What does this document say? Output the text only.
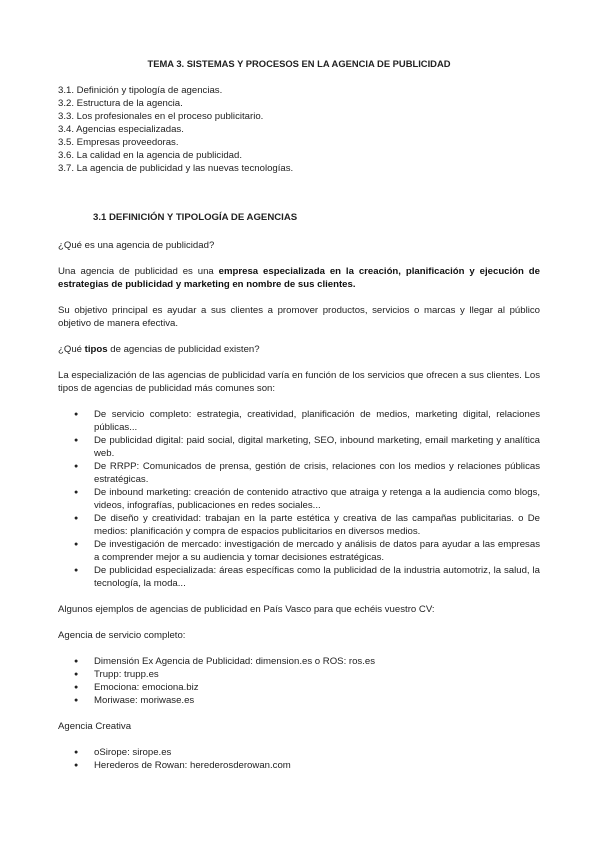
TEMA 3. SISTEMAS Y PROCESOS EN LA AGENCIA DE PUBLICIDAD
3.1. Definición y tipología de agencias.
3.2. Estructura de la agencia.
3.3. Los profesionales en el proceso publicitario.
3.4. Agencias especializadas.
3.5. Empresas proveedoras.
3.6. La calidad en la agencia de publicidad.
3.7. La agencia de publicidad y las nuevas tecnologías.
3.1 DEFINICIÓN Y TIPOLOGÍA DE AGENCIAS

¿Qué es una agencia de publicidad?

Una agencia de publicidad es una empresa especializada en la creación, planificación y ejecución de estrategias de publicidad y marketing en nombre de sus clientes.

Su objetivo principal es ayudar a sus clientes a promover productos, servicios o marcas y llegar al público objetivo de manera efectiva.

¿Qué tipos de agencias de publicidad existen?

La especialización de las agencias de publicidad varía en función de los servicios que ofrecen a sus clientes. Los tipos de agencias de publicidad más comunes son:

● De servicio completo: estrategia, creatividad, planificación de medios, marketing digital, relaciones públicas...
● De publicidad digital: paid social, digital marketing, SEO, inbound marketing, email marketing y analítica web.
● De RRPP: Comunicados de prensa, gestión de crisis, relaciones con los medios y relaciones públicas estratégicas.
● De inbound marketing: creación de contenido atractivo que atraiga y retenga a la audiencia como blogs, videos, infografías, publicaciones en redes sociales...
● De diseño y creatividad: trabajan en la parte estética y creativa de las campañas publicitarias. o De medios: planificación y compra de espacios publicitarios en diversos medios.
● De investigación de mercado: investigación de mercado y análisis de datos para ayudar a las empresas a comprender mejor a su audiencia y tomar decisiones estratégicas.
● De publicidad especializada: áreas específicas como la publicidad de la industria automotriz, la salud, la tecnología, la moda...

Algunos ejemplos de agencias de publicidad en País Vasco para que echéis vuestro CV:

Agencia de servicio completo:

● Dimensión Ex Agencia de Publicidad: dimension.es o ROS: ros.es
● Trupp: trupp.es
● Emociona: emociona.biz
● Moriwase: moriwase.es

Agencia Creativa

● oSirope: sirope.es
● Herederos de Rowan: herederosderowan.com
